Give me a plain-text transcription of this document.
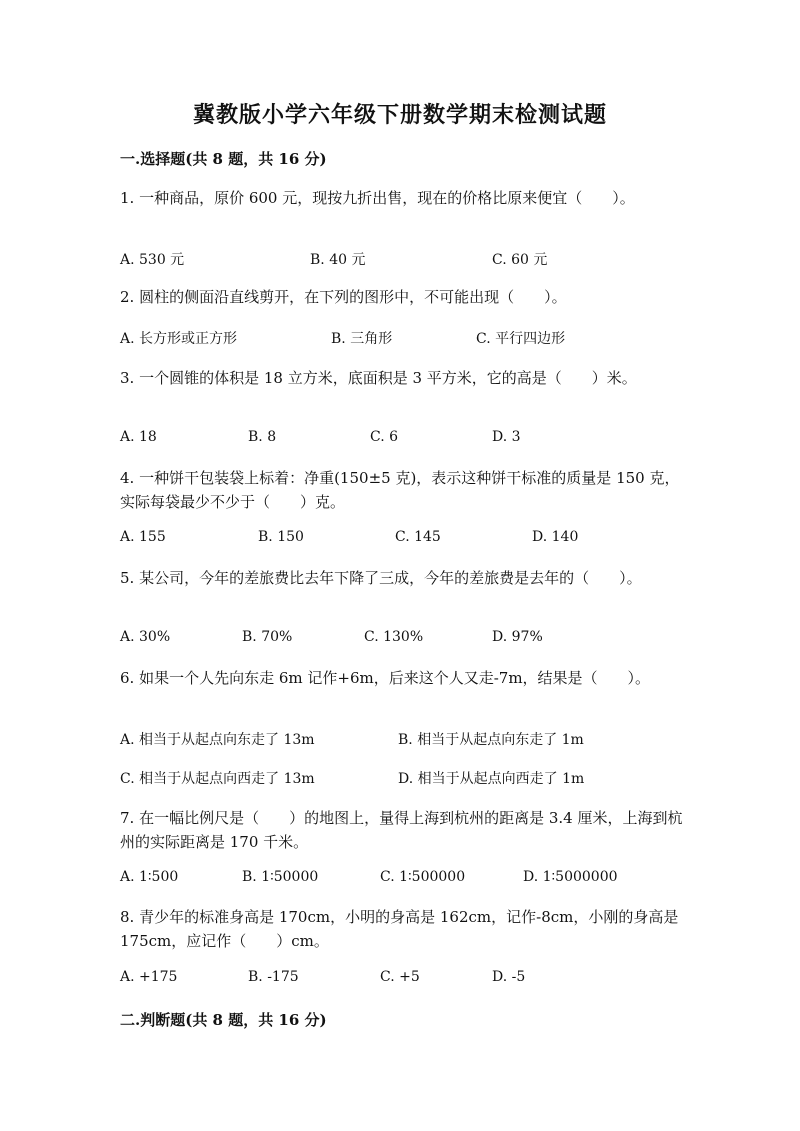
冀教版小学六年级下册数学期末检测试题
一.选择题(共 8 题，共 16 分)
1. 一种商品，原价 600 元，现按九折出售，现在的价格比原来便宜（　　）。
A. 530 元	B. 40 元	C. 60 元
2. 圆柱的侧面沿直线剪开，在下列的图形中，不可能出现（　　）。
A. 长方形或正方形	B. 三角形	C. 平行四边形
3. 一个圆锥的体积是 18 立方米，底面积是 3 平方米，它的高是（　　）米。
A. 18	B. 8	C. 6	D. 3
4. 一种饼干包装袋上标着：净重(150±5 克)，表示这种饼干标准的质量是 150 克，实际每袋最少不少于（　　）克。
A. 155	B. 150	C. 145	D. 140
5. 某公司，今年的差旅费比去年下降了三成，今年的差旅费是去年的（　　）。
A. 30%	B. 70%	C. 130%	D. 97%
6. 如果一个人先向东走 6m 记作+6m，后来这个人又走-7m，结果是（　　）。
A. 相当于从起点向东走了 13m	B. 相当于从起点向东走了 1m
C. 相当于从起点向西走了 13m	D. 相当于从起点向西走了 1m
7. 在一幅比例尺是（　　）的地图上，量得上海到杭州的距离是 3.4 厘米，上海到杭州的实际距离是 170 千米。
A. 1∶500	B. 1∶50000	C. 1∶500000	D. 1∶5000000
8. 青少年的标准身高是 170cm，小明的身高是 162cm，记作-8cm，小刚的身高是 175cm，应记作（　　）cm。
A. +175	B. -175	C. +5	D. -5
二.判断题(共 8 题，共 16 分)
